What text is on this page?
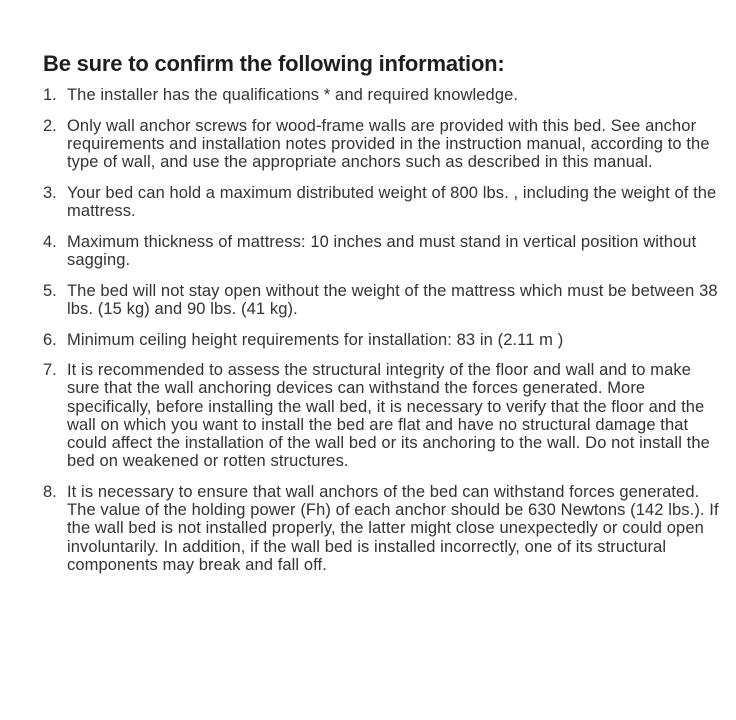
Be sure to confirm the following information:
1. The installer has the qualifications * and required knowledge.
2. Only wall anchor screws for wood-frame walls are provided with this bed. See anchor requirements and installation notes provided in the instruction manual, according to the type of wall, and use the appropriate anchors such as described in this manual.
3. Your bed can hold a maximum distributed weight of 800 lbs. , including the weight of the mattress.
4. Maximum thickness of mattress: 10 inches and must stand in vertical position without sagging.
5. The bed will not stay open without the weight of the mattress which must be between 38 lbs. (15 kg) and 90 lbs. (41 kg).
6. Minimum ceiling height requirements for installation: 83 in (2.11 m )
7. It is recommended to assess the structural integrity of the floor and wall and to make sure that the wall anchoring devices can withstand the forces generated. More specifically, before installing the wall bed, it is necessary to verify that the floor and the wall on which you want to install the bed are flat and have no structural damage that could affect the installation of the wall bed or its anchoring to the wall. Do not install the bed on weakened or rotten structures.
8. It is necessary to ensure that wall anchors of the bed can withstand forces generated. The value of the holding power (Fh) of each anchor should be 630 Newtons (142 lbs.). If the wall bed is not installed properly, the latter might close unexpectedly or could open involuntarily. In addition, if the wall bed is installed incorrectly, one of its structural components may break and fall off.
